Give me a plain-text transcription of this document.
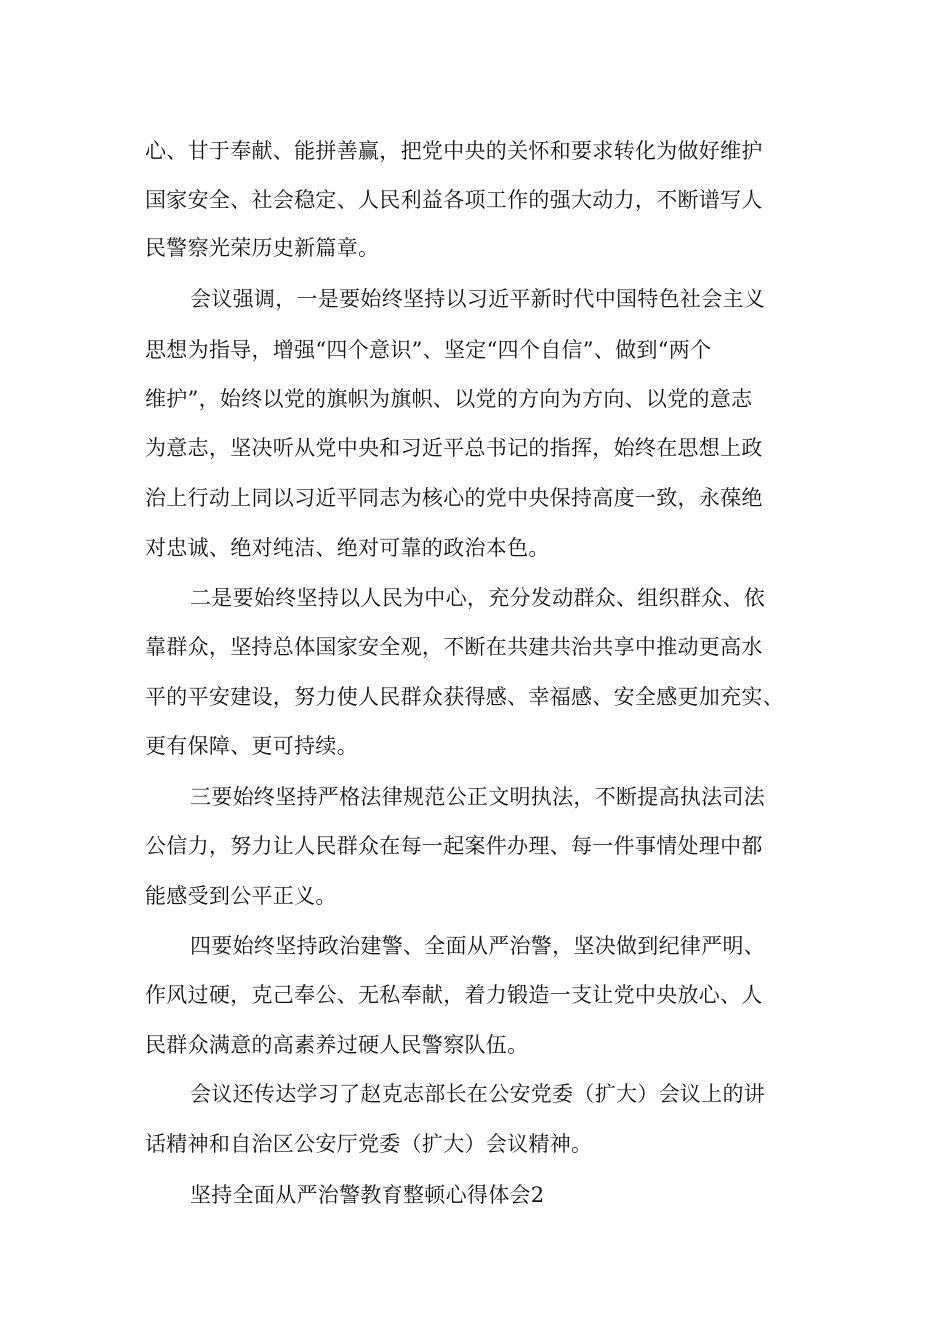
心、甘于奉献、能拼善赢，把党中央的关怀和要求转化为做好维护
国家安全、社会稳定、人民利益各项工作的强大动力，不断谱写人
民警察光荣历史新篇章。
会议强调，一是要始终坚持以习近平新时代中国特色社会主义
思想为指导，增强“四个意识”、坚定“四个自信”、做到“两个
维护”，始终以党的旗帜为旗帜、以党的方向为方向、以党的意志
为意志，坚决听从党中央和习近平总书记的指挥，始终在思想上政
治上行动上同以习近平同志为核心的党中央保持高度一致，永葆绝
对忠诚、绝对纯洁、绝对可靠的政治本色。
二是要始终坚持以人民为中心，充分发动群众、组织群众、依
靠群众，坚持总体国家安全观，不断在共建共治共享中推动更高水
平的平安建设，努力使人民群众获得感、幸福感、安全感更加充实、
更有保障、更可持续。
三要始终坚持严格法律规范公正文明执法，不断提高执法司法
公信力，努力让人民群众在每一起案件办理、每一件事情处理中都
能感受到公平正义。
四要始终坚持政治建警、全面从严治警，坚决做到纪律严明、
作风过硬，克己奉公、无私奉献，着力锻造一支让党中央放心、人
民群众满意的高素养过硬人民警察队伍。
会议还传达学习了赵克志部长在公安党委（扩大）会议上的讲
话精神和自治区公安厅党委（扩大）会议精神。
坚持全面从严治警教育整顿心得体会2
